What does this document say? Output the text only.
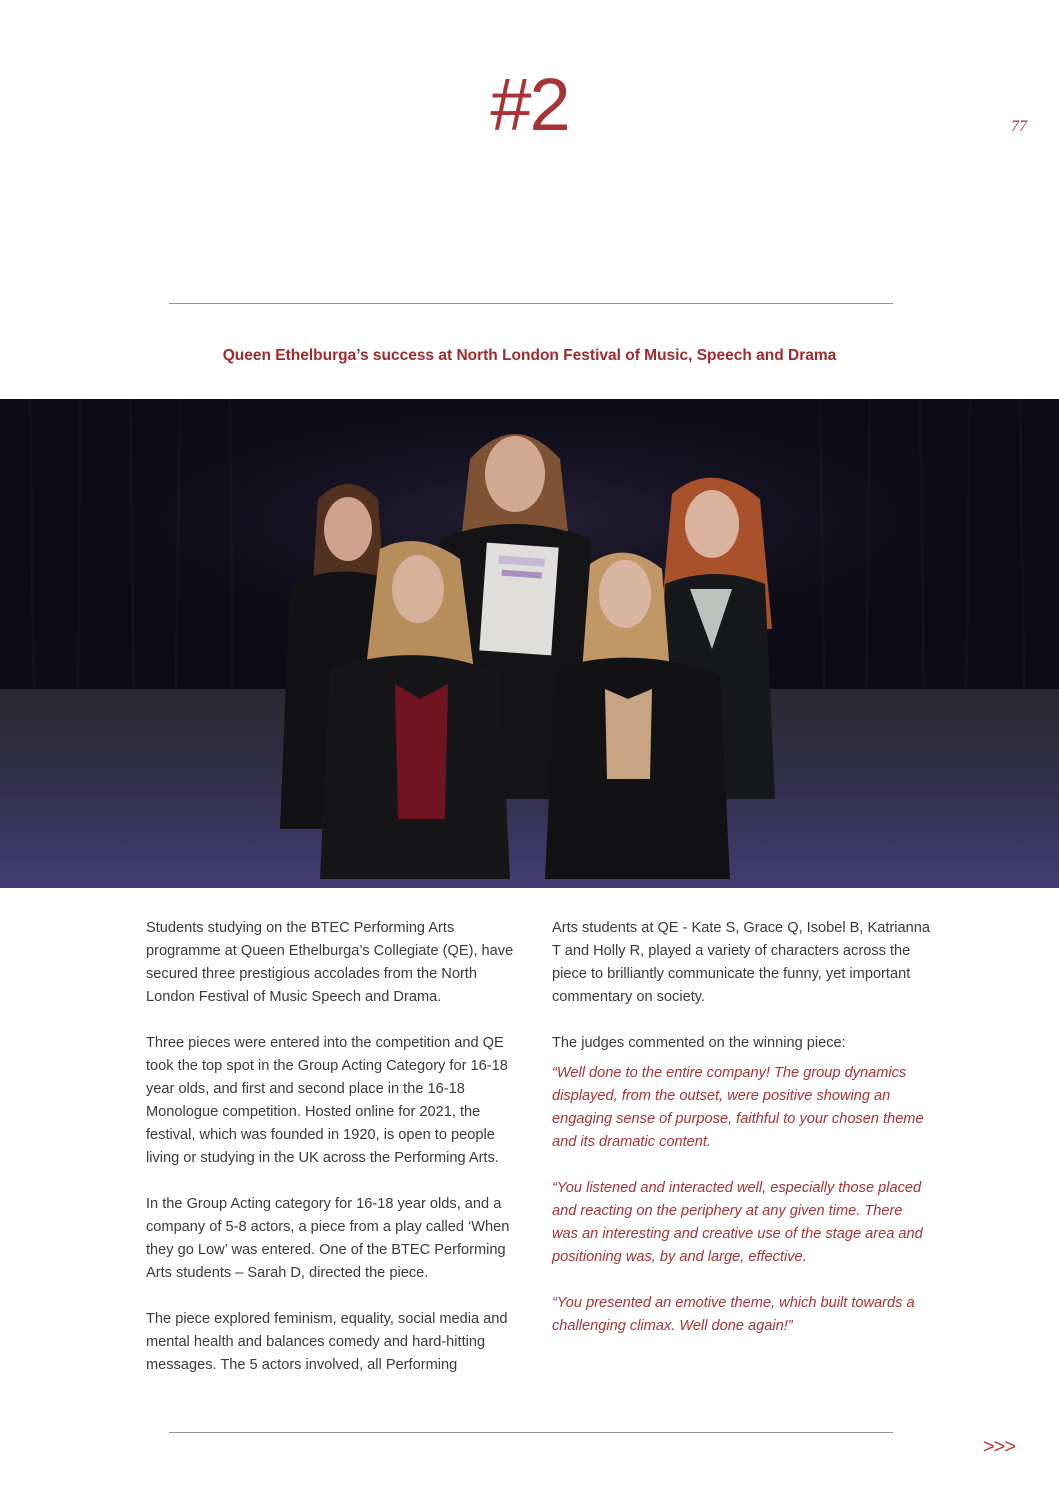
#2	77
Queen Ethelburga’s success at North London Festival of Music, Speech and Drama

Students studying on the BTEC Performing Arts programme at Queen Ethelburga’s Collegiate (QE), have secured three prestigious accolades from the North London Festival of Music Speech and Drama.

Three pieces were entered into the competition and QE took the top spot in the Group Acting Category for 16-18 year olds, and first and second place in the 16-18 Monologue competition. Hosted online for 2021, the festival, which was founded in 1920, is open to people living or studying in the UK across the Performing Arts.

In the Group Acting category for 16-18 year olds, and a company of 5-8 actors, a piece from a play called ‘When they go Low’ was entered. One of the BTEC Performing Arts students – Sarah D, directed the piece.

The piece explored feminism, equality, social media and mental health and balances comedy and hard-hitting messages. The 5 actors involved, all Performing

Arts students at QE - Kate S, Grace Q, Isobel B, Katrianna T and Holly R, played a variety of characters across the piece to brilliantly communicate the funny, yet important commentary on society.

The judges commented on the winning piece:

“Well done to the entire company! The group dynamics displayed, from the outset, were positive showing an engaging sense of purpose, faithful to your chosen theme and its dramatic content.

“You listened and interacted well, especially those placed and reacting on the periphery at any given time. There was an interesting and creative use of the stage area and positioning was, by and large, effective.

“You presented an emotive theme, which built towards a challenging climax. Well done again!”

>>>
